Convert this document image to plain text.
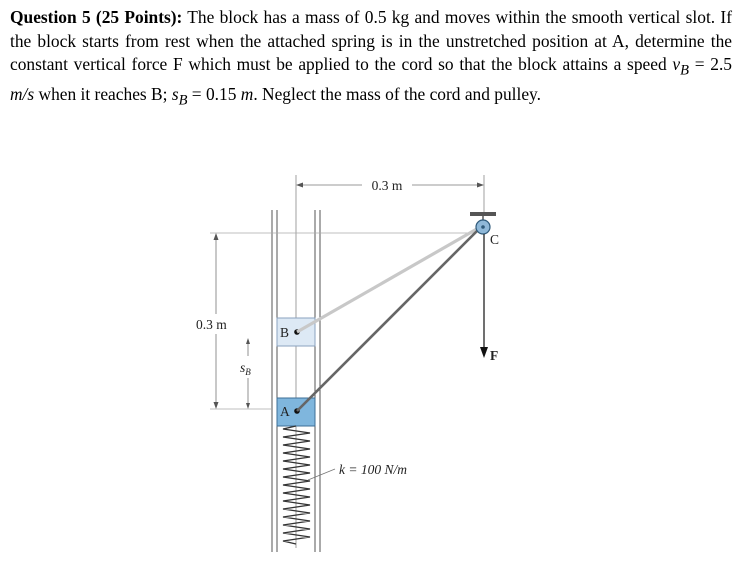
Question 5 (25 Points): The block has a mass of 0.5 kg and moves within the smooth vertical slot. If the block starts from rest when the attached spring is in the unstretched position at A, determine the constant vertical force F which must be applied to the cord so that the block attains a speed $v_B = 2.5$ m/s when it reaches B; $s_B = 0.15$ m. Neglect the mass of the cord and pulley.

0.3 m
0.3 m
$s_B$
B
A
k = 100 N/m
C
F
